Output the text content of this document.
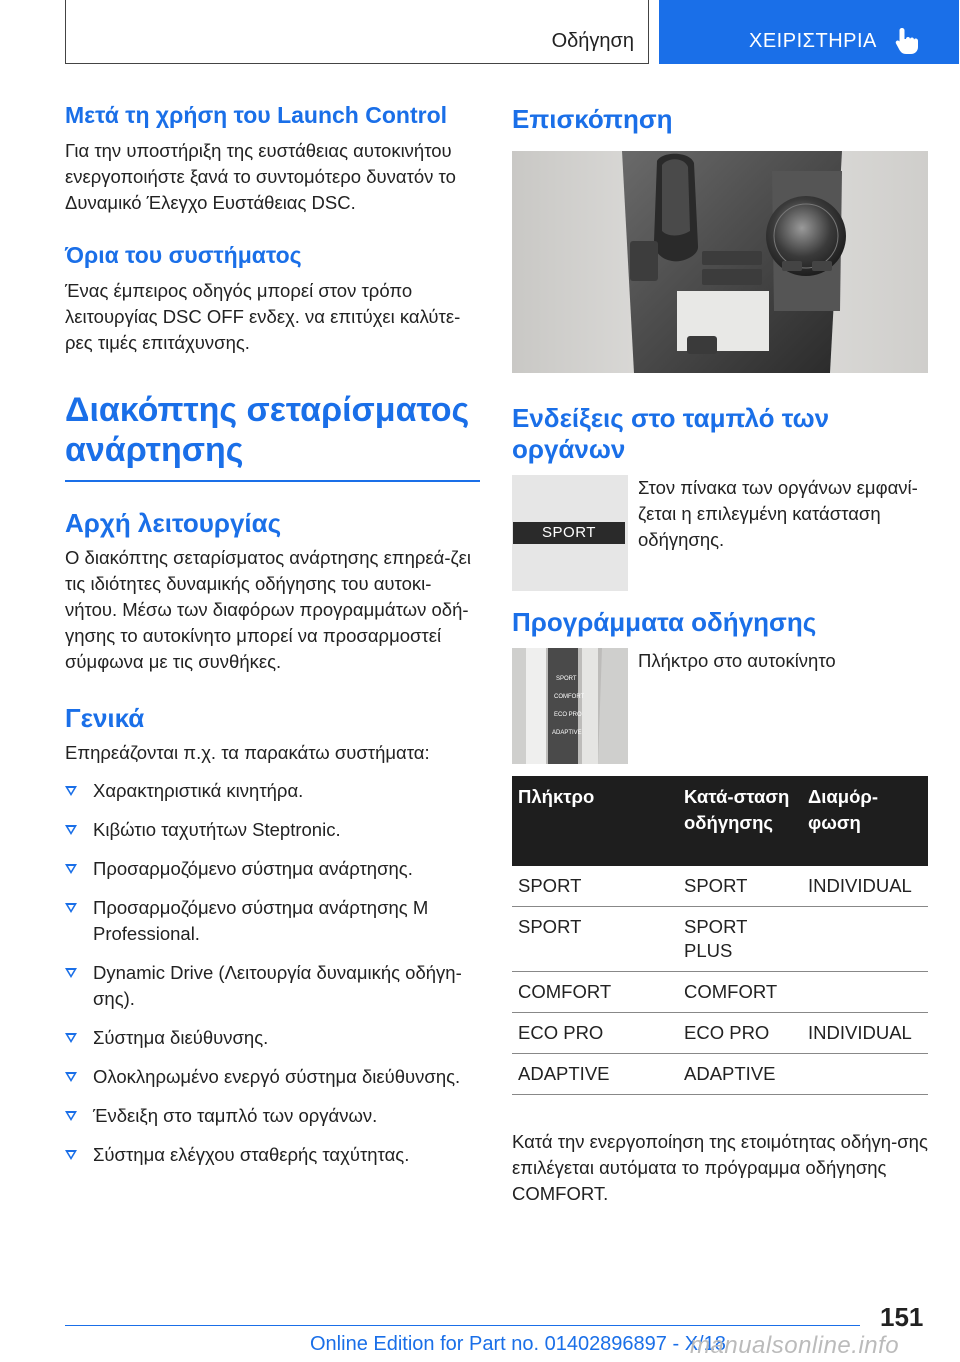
Οδήγηση	ΧΕΙΡΙΣΤΗΡΙΑ
Μετά τη χρήση του Launch Control

Για την υποστήριξη της ευστάθειας αυτοκινήτου ενεργοποιήστε ξανά το συντομότερο δυνατόν το Δυναμικό Έλεγχο Ευστάθειας DSC.

Όρια του συστήματος

Ένας έμπειρος οδηγός μπορεί στον τρόπο λειτουργίας DSC OFF ενδεχ. να επιτύχει καλύτε-ρες τιμές επιτάχυνσης.

Διακόπτης σεταρίσματος ανάρτησης
Αρχή λειτουργίας

Ο διακόπτης σεταρίσματος ανάρτησης επηρεά-ζει τις ιδιότητες δυναμικής οδήγησης του αυτοκι-νήτου. Μέσω των διαφόρων προγραμμάτων οδή-γησης το αυτοκίνητο μπορεί να προσαρμοστεί σύμφωνα με τις συνθήκες.

Γενικά

Επηρεάζονται π.χ. τα παρακάτω συστήματα:

Χαρακτηριστικά κινητήρα.
Κιβώτιο ταχυτήτων Steptronic.
Προσαρμοζόμενο σύστημα ανάρτησης.
Προσαρμοζόμενο σύστημα ανάρτησης M Professional.
Dynamic Drive (Λειτουργία δυναμικής οδήγη-σης).
Σύστημα διεύθυνσης.
Ολοκληρωμένο ενεργό σύστημα διεύθυνσης.
Ένδειξη στο ταμπλό των οργάνων.
Σύστημα ελέγχου σταθερής ταχύτητας.
Επισκόπηση
Ενδείξεις στο ταμπλό των οργάνων
SPORT

Στον πίνακα των οργάνων εμφανί-ζεται η επιλεγμένη κατάσταση οδήγησης.

Προγράμματα οδήγησης
SPORT
COMFORT
ECO PRO
ADAPTIVE

Πλήκτρο στο αυτοκίνητο

Πλήκτρο	Κατά-σταση οδήγησης	Διαμόρ-φωση
SPORT	SPORT	INDIVIDUAL
SPORT	SPORT PLUS	
COMFORT	COMFORT	
ECO PRO	ECO PRO	INDIVIDUAL
ADAPTIVE	ADAPTIVE	

Κατά την ενεργοποίηση της ετοιμότητας οδήγη-σης επιλέγεται αυτόματα το πρόγραμμα οδήγησης COMFORT.

151
Online Edition for Part no. 01402896897 - X/18
manualsonline.info
